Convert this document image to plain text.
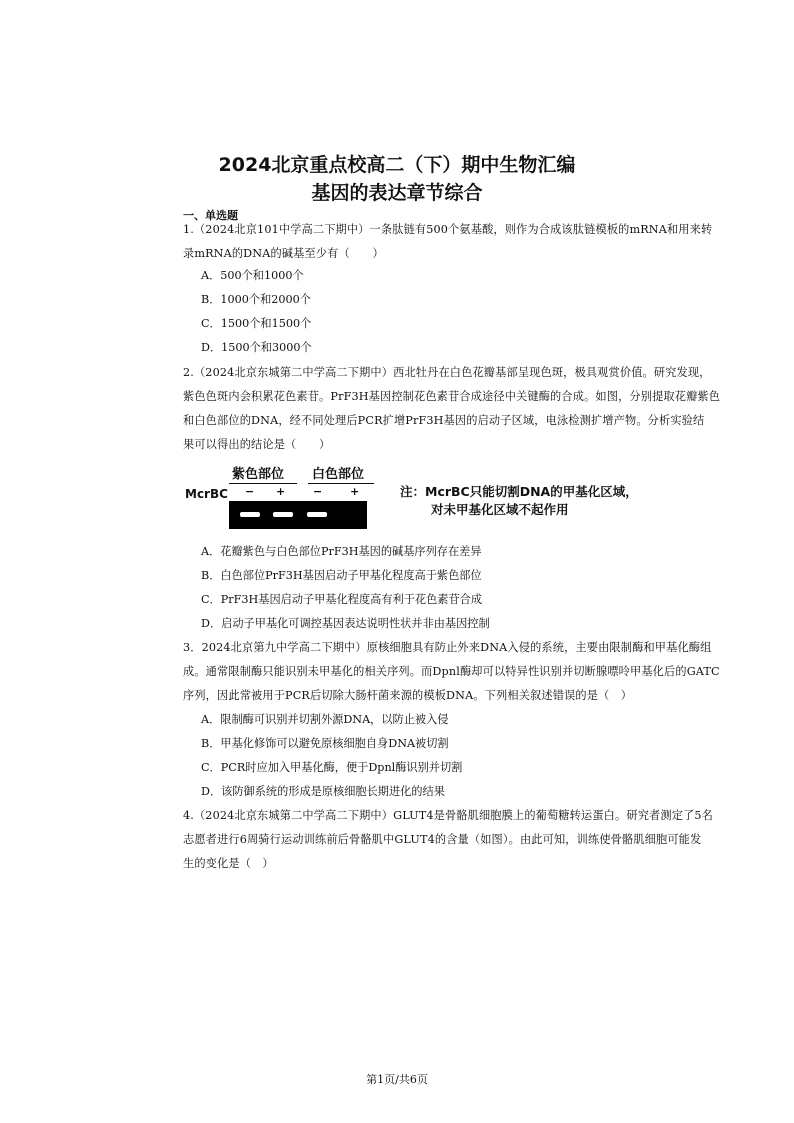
2024北京重点校高二（下）期中生物汇编
基因的表达章节综合
一、单选题
1.（2024北京101中学高二下期中）一条肽链有500个氨基酸，则作为合成该肽链模板的mRNA和用来转
录mRNA的DNA的碱基至少有（　　）
A．500个和1000个
B．1000个和2000个
C．1500个和1500个
D．1500个和3000个
2.（2024北京东城第二中学高二下期中）西北牡丹在白色花瓣基部呈现色斑，极具观赏价值。研究发现，
紫色色斑内会积累花色素苷。PrF3H基因控制花色素苷合成途径中关键酶的合成。如图，分别提取花瓣紫色
和白色部位的DNA，经不同处理后PCR扩增PrF3H基因的启动子区域，电泳检测扩增产物。分析实验结
果可以得出的结论是（　　）
紫色部位 白色部位
McrBC − +	−	+	注：McrBC只能切割DNA的甲基化区域，
对未甲基化区域不起作用
A．花瓣紫色与白色部位PrF3H基因的碱基序列存在差异
B．白色部位PrF3H基因启动子甲基化程度高于紫色部位
C．PrF3H基因启动子甲基化程度高有利于花色素苷合成
D．启动子甲基化可调控基因表达说明性状并非由基因控制
3．2024北京第九中学高二下期中）原核细胞具有防止外来DNA入侵的系统，主要由限制酶和甲基化酶组
成。通常限制酶只能识别未甲基化的相关序列。而Dpnl酶却可以特异性识别并切断腺嘌呤甲基化后的GATC
序列，因此常被用于PCR后切除大肠杆菌来源的模板DNA。下列相关叙述错误的是（　）
A．限制酶可识别并切割外源DNA，以防止被入侵
B．甲基化修饰可以避免原核细胞自身DNA被切割
C．PCR时应加入甲基化酶，便于Dpnl酶识别并切割
D．该防御系统的形成是原核细胞长期进化的结果
4.（2024北京东城第二中学高二下期中）GLUT4是骨骼肌细胞膜上的葡萄糖转运蛋白。研究者测定了5名
志愿者进行6周骑行运动训练前后骨骼肌中GLUT4的含量（如图）。由此可知，训练使骨骼肌细胞可能发
生的变化是（　）
第1页/共6页
